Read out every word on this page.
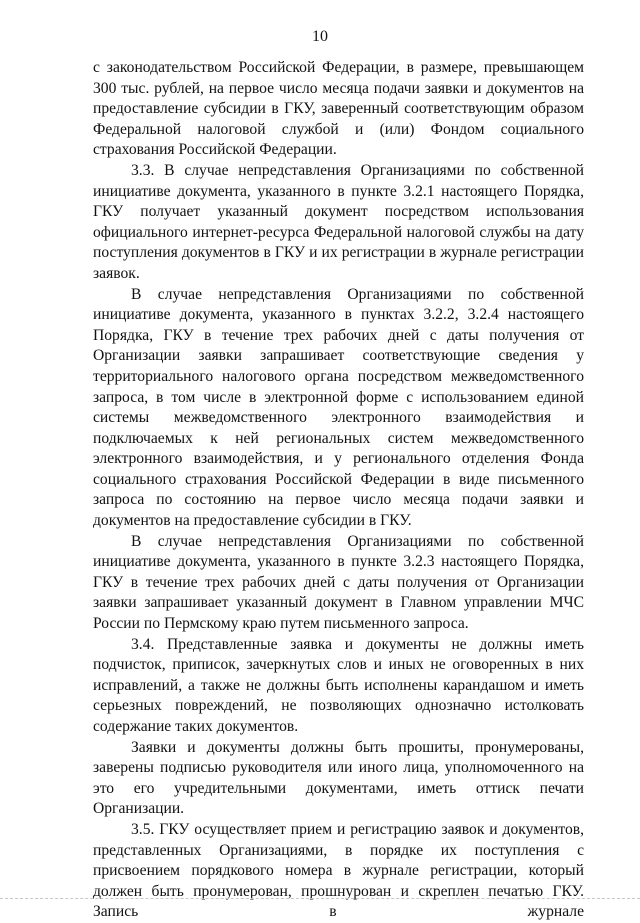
10

с законодательством Российской Федерации, в размере, превышающем 300 тыс. рублей, на первое число месяца подачи заявки и документов на предоставление субсидии в ГКУ, заверенный соответствующим образом Федеральной налоговой службой и (или) Фондом социального страхования Российской Федерации.

3.3. В случае непредставления Организациями по собственной инициативе документа, указанного в пункте 3.2.1 настоящего Порядка, ГКУ получает указанный документ посредством использования официального интернет-ресурса Федеральной налоговой службы на дату поступления документов в ГКУ и их регистрации в журнале регистрации заявок.

В случае непредставления Организациями по собственной инициативе документа, указанного в пунктах 3.2.2, 3.2.4 настоящего Порядка, ГКУ в течение трех рабочих дней с даты получения от Организации заявки запрашивает соответствующие сведения у территориального налогового органа посредством межведомственного запроса, в том числе в электронной форме с использованием единой системы межведомственного электронного взаимодействия и подключаемых к ней региональных систем межведомственного электронного взаимодействия, и у регионального отделения Фонда социального страхования Российской Федерации в виде письменного запроса по состоянию на первое число месяца подачи заявки и документов на предоставление субсидии в ГКУ.

В случае непредставления Организациями по собственной инициативе документа, указанного в пункте 3.2.3 настоящего Порядка, ГКУ в течение трех рабочих дней с даты получения от Организации заявки запрашивает указанный документ в Главном управлении МЧС России по Пермскому краю путем письменного запроса.

3.4. Представленные заявка и документы не должны иметь подчисток, приписок, зачеркнутых слов и иных не оговоренных в них исправлений, а также не должны быть исполнены карандашом и иметь серьезных повреждений, не позволяющих однозначно истолковать содержание таких документов.

Заявки и документы должны быть прошиты, пронумерованы, заверены подписью руководителя или иного лица, уполномоченного на это его учредительными документами, иметь оттиск печати Организации.

3.5. ГКУ осуществляет прием и регистрацию заявок и документов, представленных Организациями, в порядке их поступления с присвоением порядкового номера в журнале регистрации, который должен быть пронумерован, прошнурован и скреплен печатью ГКУ. Запись в журнале
